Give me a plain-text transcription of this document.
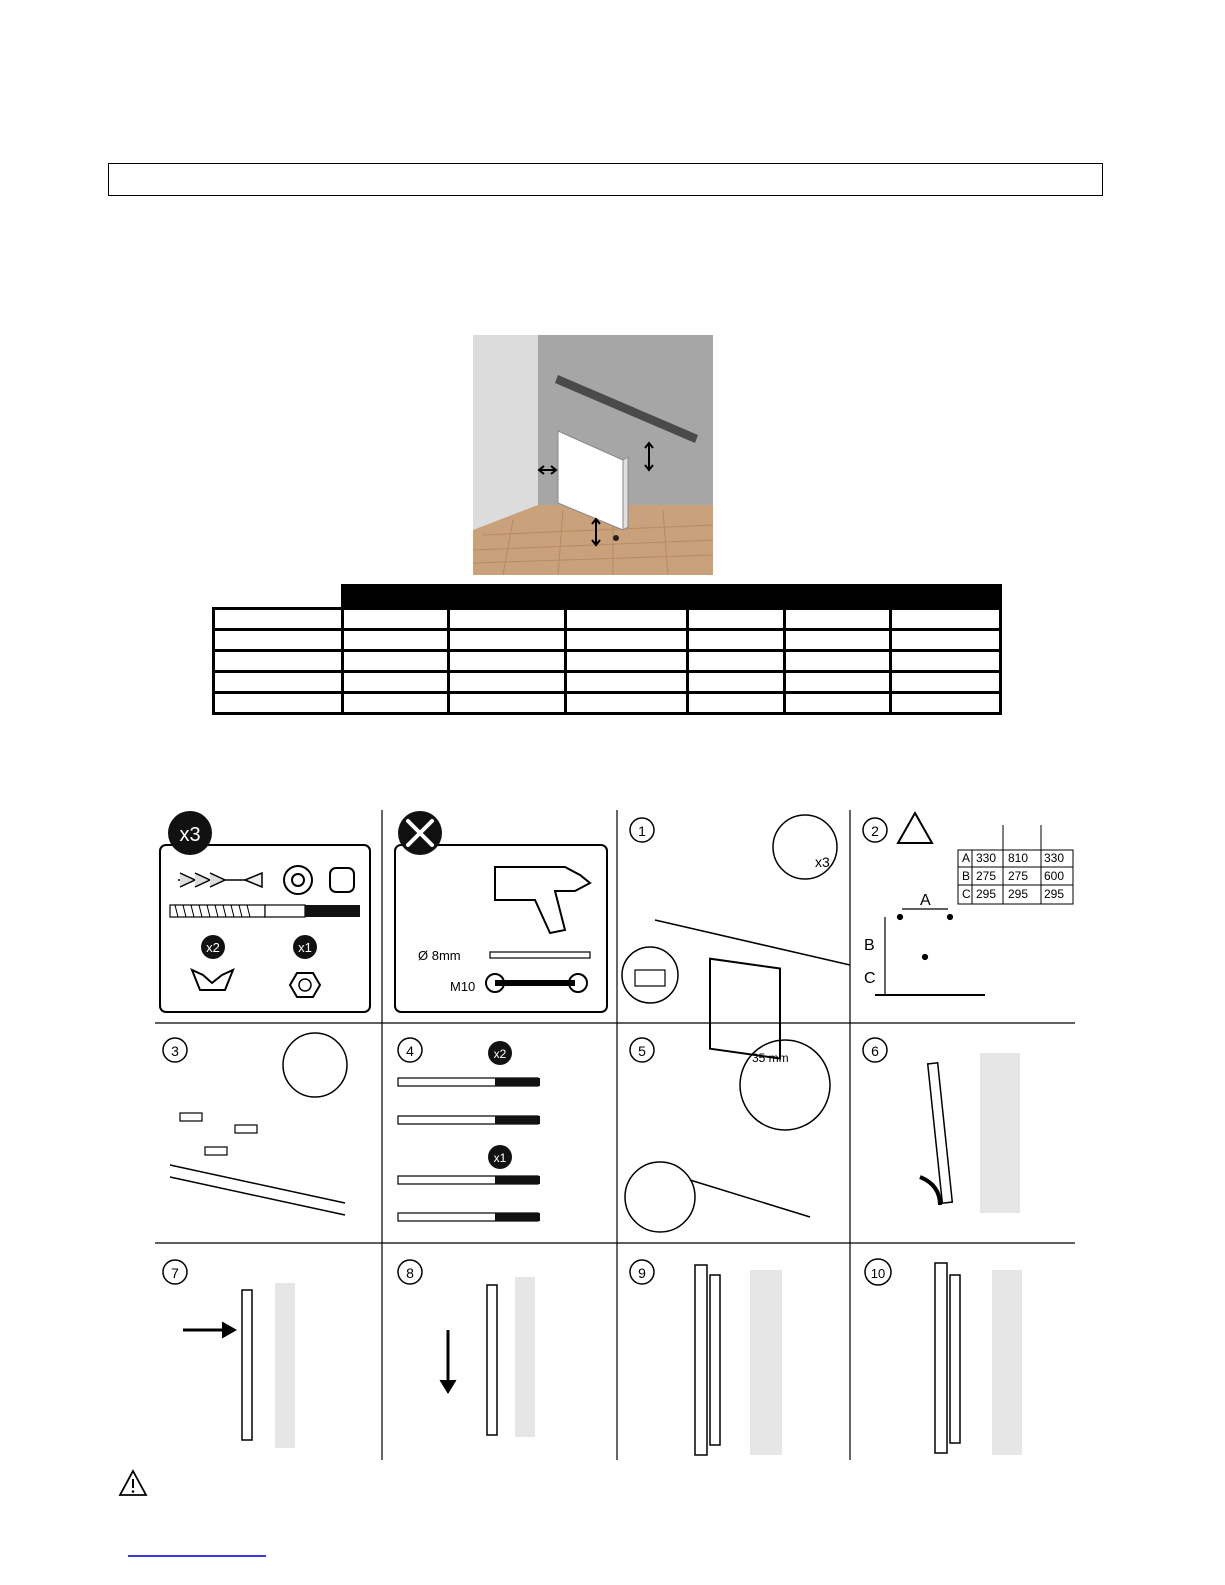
x3
x2	x1
Ø 8mm
M10
1
x3
2
A 330 810 330
B 275 275 600
C 295 295 295
A
B
C
3	4	x2
x1
5	35 mm	6
7	8	9	10
